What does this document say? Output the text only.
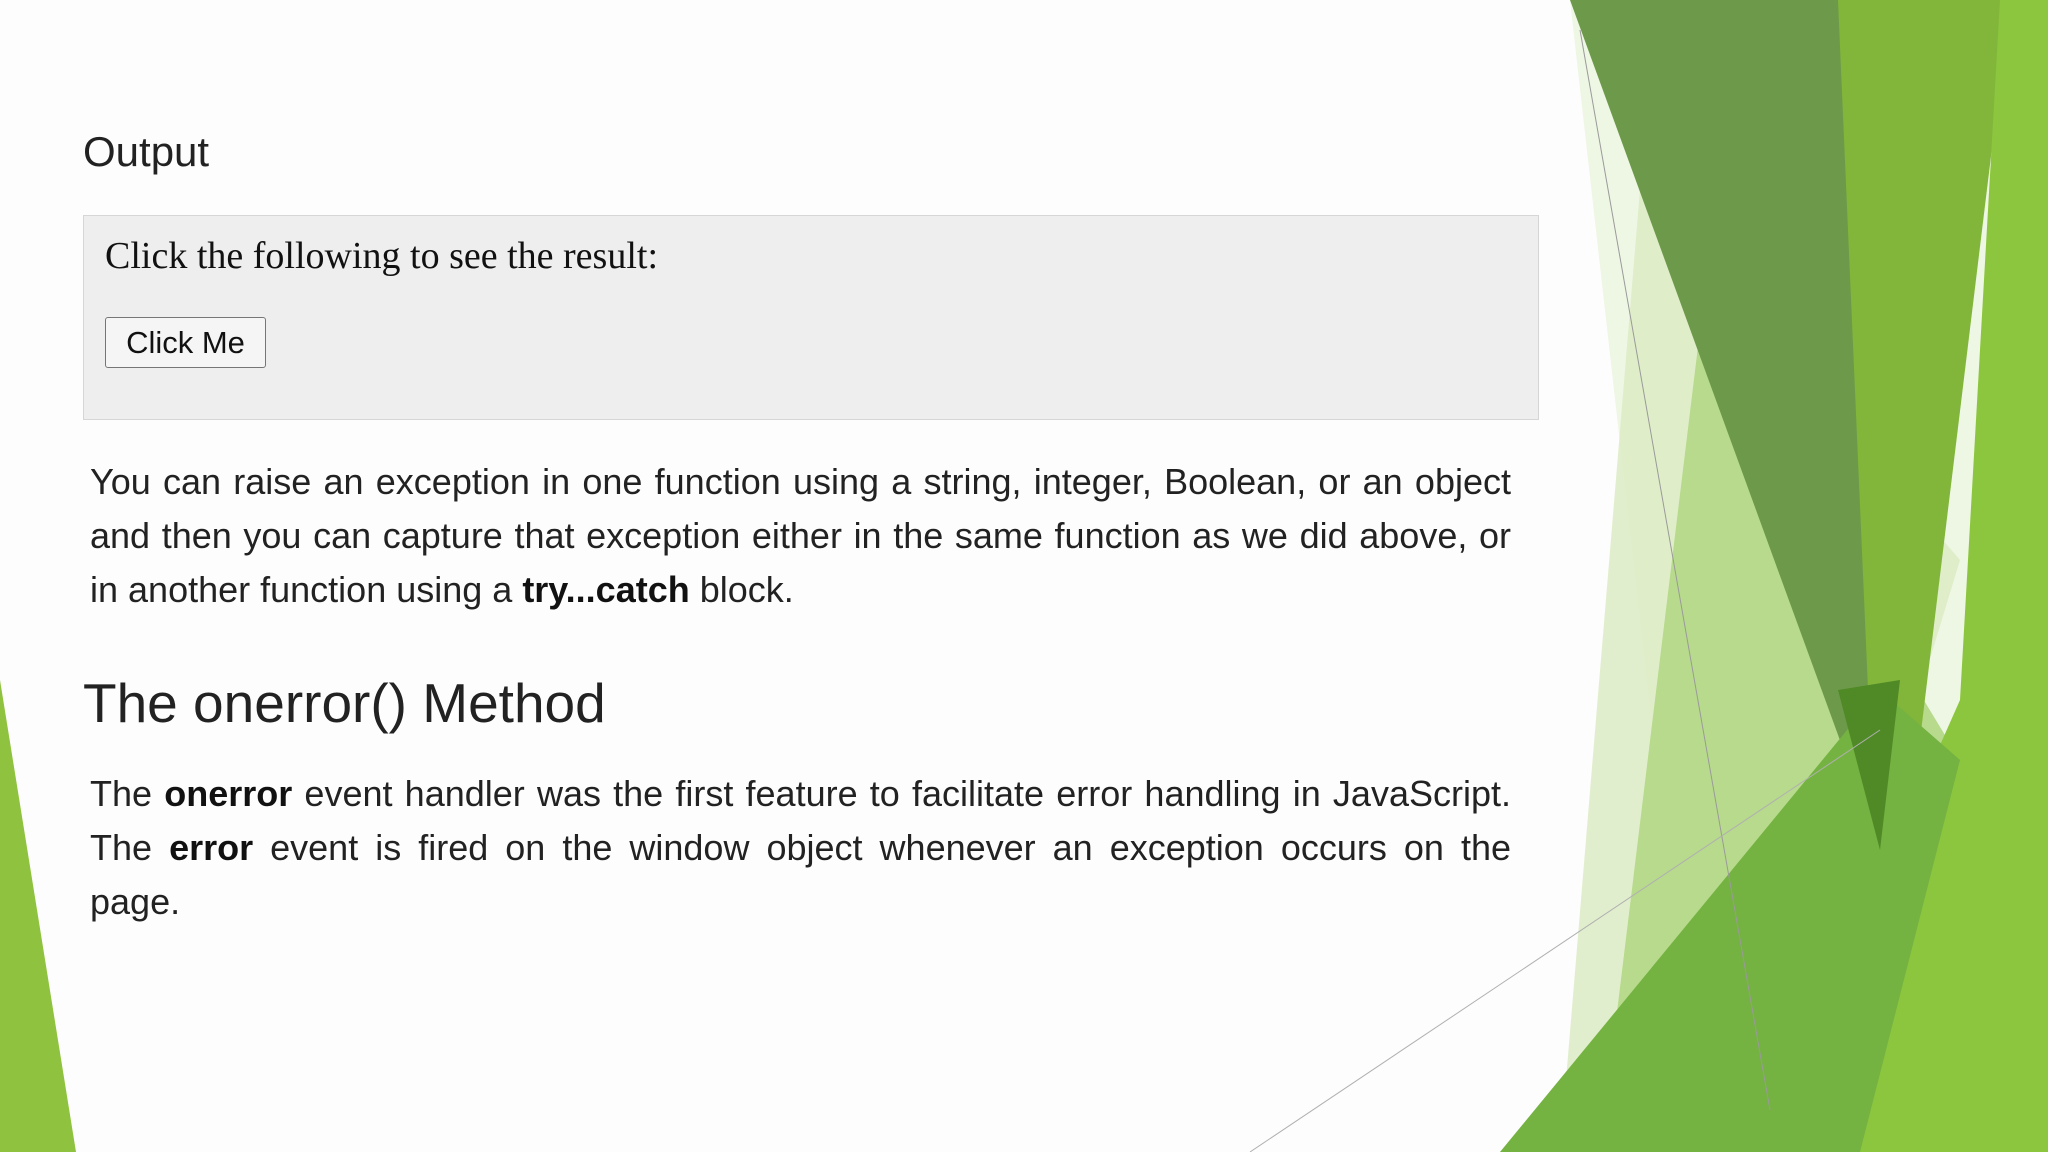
Output
Click the following to see the result:
Click Me

You can raise an exception in one function using a string, integer, Boolean, or an object and then you can capture that exception either in the same function as we did above, or in another function using a try...catch block.

The onerror() Method

The onerror event handler was the first feature to facilitate error handling in JavaScript. The error event is fired on the window object whenever an exception occurs on the page.
